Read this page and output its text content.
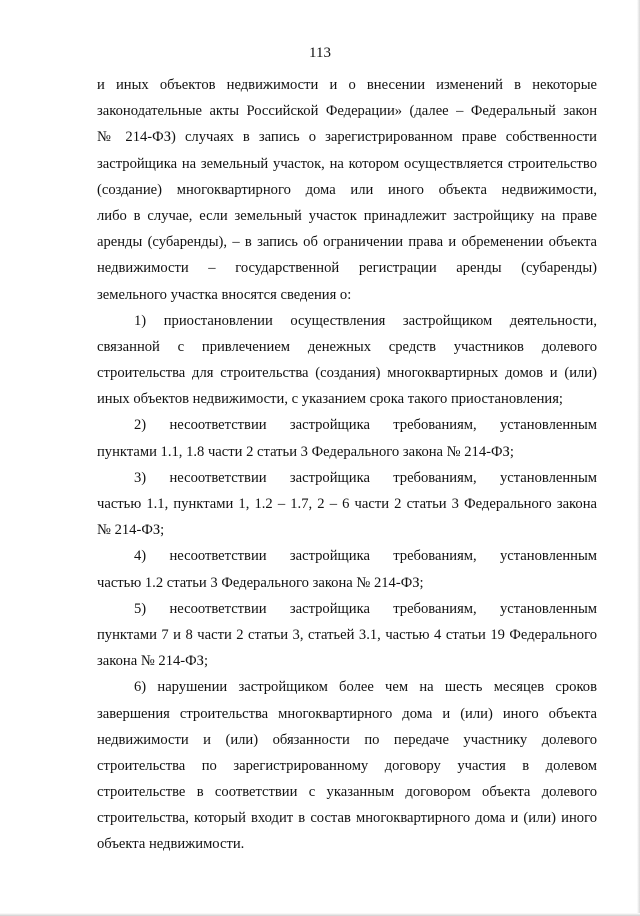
113
и иных объектов недвижимости и о внесении изменений в некоторые
законодательные акты Российской Федерации» (далее – Федеральный закон
№ 214-ФЗ) случаях в запись о зарегистрированном праве собственности
застройщика на земельный участок, на котором осуществляется строительство
(создание) многоквартирного дома или иного объекта недвижимости,
либо в случае, если земельный участок принадлежит застройщику на праве
аренды (субаренды), – в запись об ограничении права и обременении объекта
недвижимости – государственной регистрации аренды (субаренды)
земельного участка вносятся сведения о:
1) приостановлении осуществления застройщиком деятельности,
связанной с привлечением денежных средств участников долевого
строительства для строительства (создания) многоквартирных домов и (или)
иных объектов недвижимости, с указанием срока такого приостановления;
2) несоответствии застройщика требованиям, установленным
пунктами 1.1, 1.8 части 2 статьи 3 Федерального закона № 214-ФЗ;
3) несоответствии застройщика требованиям, установленным
частью 1.1, пунктами 1, 1.2 – 1.7, 2 – 6 части 2 статьи 3 Федерального закона
№ 214-ФЗ;
4) несоответствии застройщика требованиям, установленным
частью 1.2 статьи 3 Федерального закона № 214-ФЗ;
5) несоответствии застройщика требованиям, установленным
пунктами 7 и 8 части 2 статьи 3, статьей 3.1, частью 4 статьи 19 Федерального
закона № 214-ФЗ;
6) нарушении застройщиком более чем на шесть месяцев сроков
завершения строительства многоквартирного дома и (или) иного объекта
недвижимости и (или) обязанности по передаче участнику долевого
строительства по зарегистрированному договору участия в долевом
строительстве в соответствии с указанным договором объекта долевого
строительства, который входит в состав многоквартирного дома и (или) иного
объекта недвижимости.
